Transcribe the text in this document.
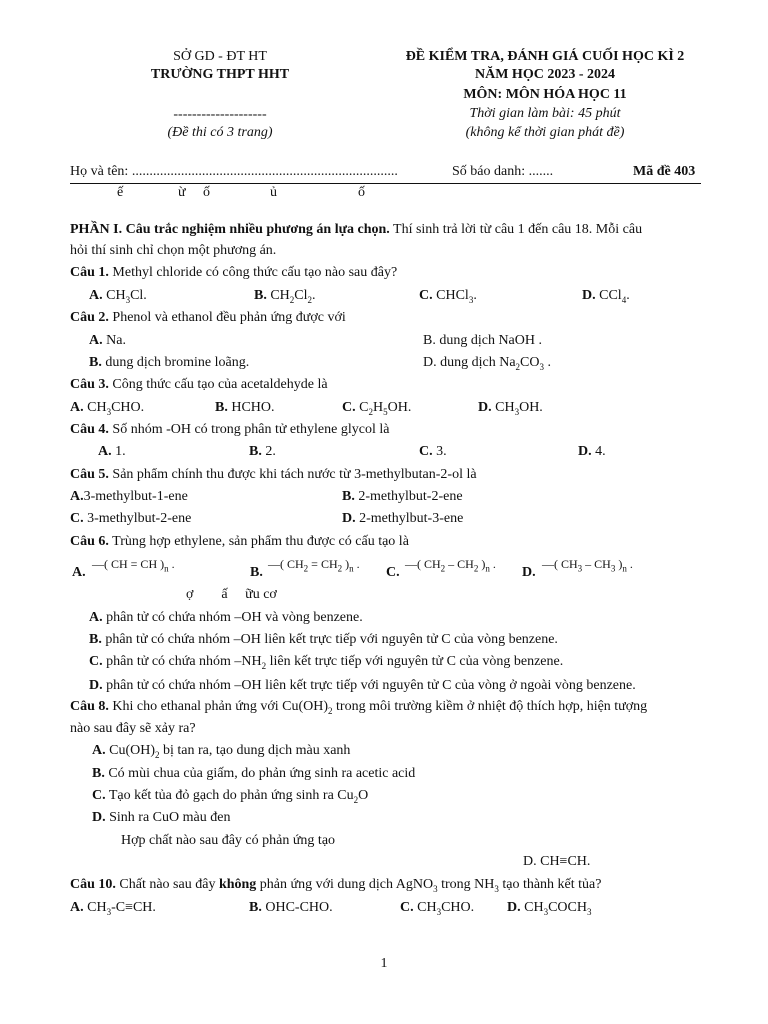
SỞ GD - ĐT HT
TRƯỜNG THPT HHT
--------------------
(Đề thi có 3 trang)
ĐỀ KIỂM TRA, ĐÁNH GIÁ CUỐI HỌC KÌ 2
NĂM HỌC 2023 - 2024
MÔN: MÔN HÓA HỌC 11
Thời gian làm bài: 45 phút
(không kể thời gian phát đề)
Họ và tên: ............................................................................	Số báo danh: .......	Mã đề 403
ế	ừ ố	ủ	ố
PHẦN I. Câu trắc nghiệm nhiều phương án lựa chọn. Thí sinh trả lời từ câu 1 đến câu 18. Mỗi câu
hỏi thí sinh chỉ chọn một phương án.
Câu 1. Methyl chloride có công thức cấu tạo nào sau đây?
A. $CH_3Cl$.	B. $CH_2Cl_2$.	C. CHCl$_3$.	D. CCl$_4$.
Câu 2. Phenol và ethanol đều phản ứng được với
A. Na.	B. dung dịch NaOH .
B. dung dịch bromine loãng.	D. dung dịch $Na_2CO_3$ .
Câu 3. Công thức cấu tạo của acetaldehyde là
A. $CH_3CHO$.	B. HCHO.	C. $C_2H_5OH$.	D. $CH_3OH$.
Câu 4. Số nhóm -OH có trong phân tử ethylene glycol là
A. 1.	B. 2.	C. 3.	D. 4.
Câu 5. Sản phẩm chính thu được khi tách nước từ 3-methylbutan-2-ol là
A.3-methylbut-1-ene	B. 2-methylbut-2-ene
C. 3-methylbut-2-ene	D. 2-methylbut-3-ene
Câu 6. Trùng hợp ethylene, sản phẩm thu được có cấu tạo là
A.
—( CH = CH )$_n$ .
B.
—( $CH_2 = CH_2$ )$_n$ .
C.
—( $CH_2 - CH_2$ )$_n$ .
D.
—( $CH_3 - CH_3$ )$_n$ .
ợ        ấ     ữu cơ
A. phân tử có chứa nhóm –OH và vòng benzene.
B. phân tử có chứa nhóm –OH liên kết trực tiếp với nguyên tử C của vòng benzene.
C. phân tử có chứa nhóm $-NH_2$ liên kết trực tiếp với nguyên tử C của vòng benzene.
D. phân tử có chứa nhóm –OH liên kết trực tiếp với nguyên tử C của vòng ở ngoài vòng benzene.
Câu 8. Khi cho ethanal phản ứng với $Cu(OH)_2$ trong môi trường kiềm ở nhiệt độ thích hợp, hiện tượng
nào sau đây sẽ xảy ra?
A. $Cu(OH)_2$ bị tan ra, tạo dung dịch màu xanh
B. Có mùi chua của giấm, do phản ứng sinh ra acetic acid
C. Tạo kết tủa đỏ gạch do phản ứng sinh ra $Cu_2O$
D. Sinh ra CuO màu đen
Hợp chất nào sau đây có phản ứng tạo
D. CH≡CH.
Câu 10. Chất nào sau đây không phản ứng với dung dịch AgNO$_3$ trong $NH_3$ tạo thành kết tủa?
A. $CH_3-C\equiv CH$.	B. OHC-CHO.	C. $CH_3CHO$. D. $CH_3COCH_3$
1
